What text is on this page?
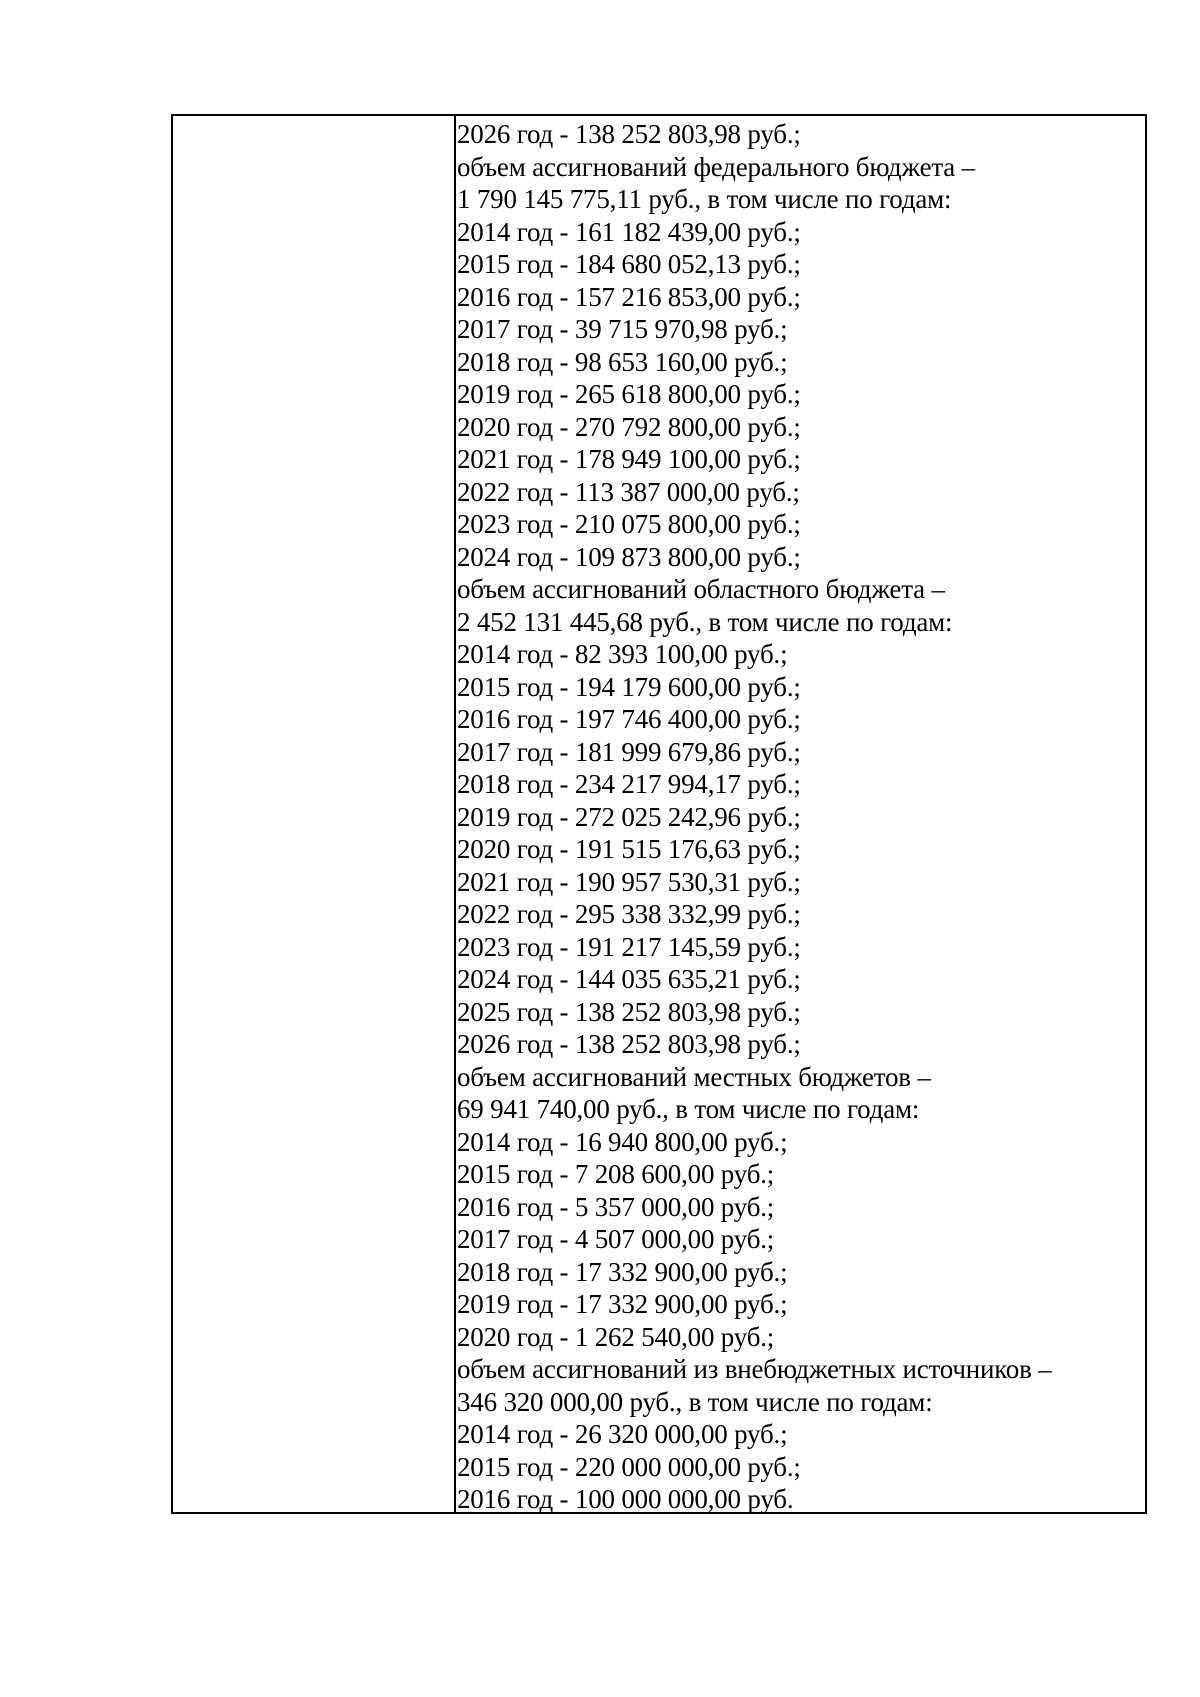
2026 год - 138 252 803,98 руб.;
объем ассигнований федерального бюджета –
1 790 145 775,11 руб., в том числе по годам:
2014 год - 161 182 439,00 руб.;
2015 год - 184 680 052,13 руб.;
2016 год - 157 216 853,00 руб.;
2017 год - 39 715 970,98 руб.;
2018 год - 98 653 160,00 руб.;
2019 год - 265 618 800,00 руб.;
2020 год - 270 792 800,00 руб.;
2021 год - 178 949 100,00 руб.;
2022 год - 113 387 000,00 руб.;
2023 год - 210 075 800,00 руб.;
2024 год - 109 873 800,00 руб.;
объем ассигнований областного бюджета –
2 452 131 445,68 руб., в том числе по годам:
2014 год - 82 393 100,00 руб.;
2015 год - 194 179 600,00 руб.;
2016 год - 197 746 400,00 руб.;
2017 год - 181 999 679,86 руб.;
2018 год - 234 217 994,17 руб.;
2019 год - 272 025 242,96 руб.;
2020 год - 191 515 176,63 руб.;
2021 год - 190 957 530,31 руб.;
2022 год - 295 338 332,99 руб.;
2023 год - 191 217 145,59 руб.;
2024 год - 144 035 635,21 руб.;
2025 год - 138 252 803,98 руб.;
2026 год - 138 252 803,98 руб.;
объем ассигнований местных бюджетов –
69 941 740,00 руб., в том числе по годам:
2014 год - 16 940 800,00 руб.;
2015 год - 7 208 600,00 руб.;
2016 год - 5 357 000,00 руб.;
2017 год - 4 507 000,00 руб.;
2018 год - 17 332 900,00 руб.;
2019 год - 17 332 900,00 руб.;
2020 год - 1 262 540,00 руб.;
объем ассигнований из внебюджетных источников –
346 320 000,00 руб., в том числе по годам:
2014 год - 26 320 000,00 руб.;
2015 год - 220 000 000,00 руб.;
2016 год - 100 000 000,00 руб.
